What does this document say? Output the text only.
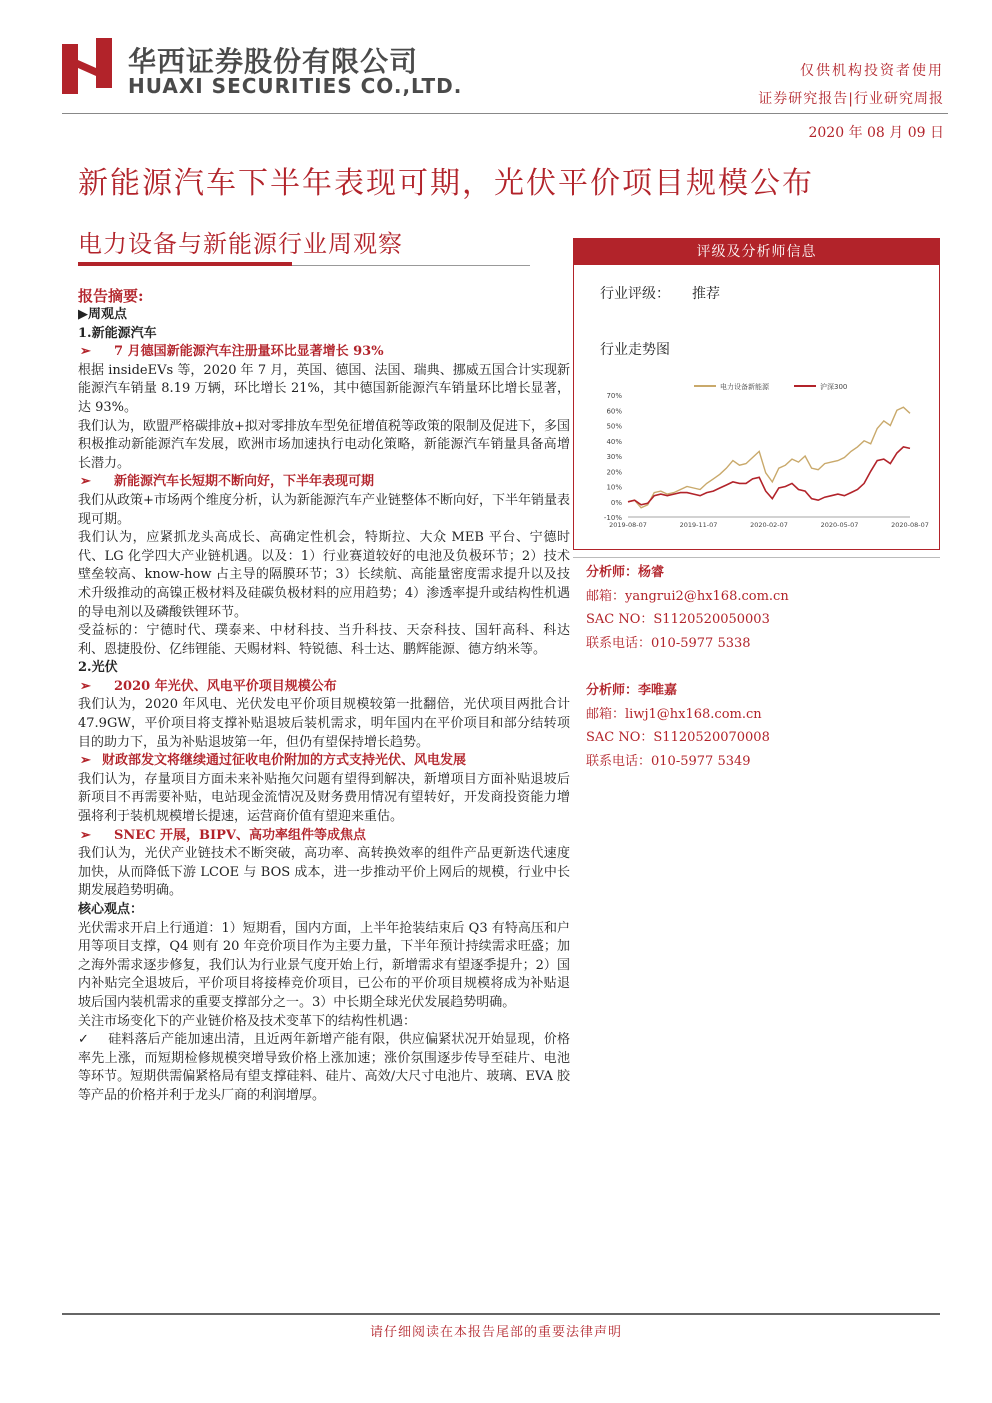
华西证券股份有限公司
HUAXI SECURITIES CO.,LTD.
仅供机构投资者使用
证券研究报告|行业研究周报
2020 年 08 月 09 日
新能源汽车下半年表现可期，光伏平价项目规模公布
电力设备与新能源行业周观察
报告摘要:
▶周观点
1.新能源汽车
➢ 7 月德国新能源汽车注册量环比显著增长 93%

根据 insideEVs 等，2020 年 7 月，英国、德国、法国、瑞典、挪威五国合计实现新能源汽车销量 8.19 万辆，环比增长 21%，其中德国新能源汽车销量环比增长显著，达 93%。

我们认为，欧盟严格碳排放+拟对零排放车型免征增值税等政策的限制及促进下，多国积极推动新能源汽车发展，欧洲市场加速执行电动化策略，新能源汽车销量具备高增长潜力。

➢ 新能源汽车长短期不断向好，下半年表现可期

我们从政策+市场两个维度分析，认为新能源汽车产业链整体不断向好，下半年销量表现可期。

我们认为，应紧抓龙头高成长、高确定性机会，特斯拉、大众 MEB 平台、宁德时代、LG 化学四大产业链机遇。以及：1）行业赛道较好的电池及负极环节；2）技术壁垒较高、know-how 占主导的隔膜环节；3）长续航、高能量密度需求提升以及技术升级推动的高镍正极材料及硅碳负极材料的应用趋势；4）渗透率提升或结构性机遇的导电剂以及磷酸铁锂环节。

受益标的：宁德时代、璞泰来、中材科技、当升科技、天奈科技、国轩高科、科达利、恩捷股份、亿纬锂能、天赐材料、特锐德、科士达、鹏辉能源、德方纳米等。

2.光伏
➢ 2020 年光伏、风电平价项目规模公布

我们认为，2020 年风电、光伏发电平价项目规模较第一批翻倍，光伏项目两批合计 47.9GW，平价项目将支撑补贴退坡后装机需求，明年国内在平价项目和部分结转项目的助力下，虽为补贴退坡第一年，但仍有望保持增长趋势。

➢ 财政部发文将继续通过征收电价附加的方式支持光伏、风电发展

我们认为，存量项目方面未来补贴拖欠问题有望得到解决，新增项目方面补贴退坡后新项目不再需要补贴，电站现金流情况及财务费用情况有望转好，开发商投资能力增强将利于装机规模增长提速，运营商价值有望迎来重估。

➢ SNEC 开展，BIPV、高功率组件等成焦点

我们认为，光伏产业链技术不断突破，高功率、高转换效率的组件产品更新迭代速度加快，从而降低下游 LCOE 与 BOS 成本，进一步推动平价上网后的规模，行业中长期发展趋势明确。

核心观点：

光伏需求开启上行通道：1）短期看，国内方面，上半年抢装结束后 Q3 有特高压和户用等项目支撑，Q4 则有 20 年竞价项目作为主要力量，下半年预计持续需求旺盛；加之海外需求逐步修复，我们认为行业景气度开始上行，新增需求有望逐季提升；2）国内补贴完全退坡后，平价项目将接棒竞价项目，已公布的平价项目规模将成为补贴退坡后国内装机需求的重要支撑部分之一。3）中长期全球光伏发展趋势明确。

关注市场变化下的产业链价格及技术变革下的结构性机遇：

✓ 硅料落后产能加速出清，且近两年新增产能有限，供应偏紧状况开始显现，价格率先上涨，而短期检修规模突增导致价格上涨加速；涨价氛围逐步传导至硅片、电池等环节。短期供需偏紧格局有望支撑硅料、硅片、高效/大尺寸电池片、玻璃、EVA 胶等产品的价格并利于龙头厂商的利润增厚。

评级及分析师信息
行业评级： 推荐
行业走势图
70%
60%
50%
40%
30%
20%
10%
0%
-10%
2019-08-07	2019-11-07	2020-02-07	2020-05-07	2020-08-07
电力设备新能源	沪深300
分析师：杨睿
邮箱：yangrui2@hx168.com.cn
SAC NO：S1120520050003
联系电话：010-5977 5338
分析师：李唯嘉
邮箱：liwj1@hx168.com.cn
SAC NO：S1120520070008
联系电话：010-5977 5349
请仔细阅读在本报告尾部的重要法律声明
